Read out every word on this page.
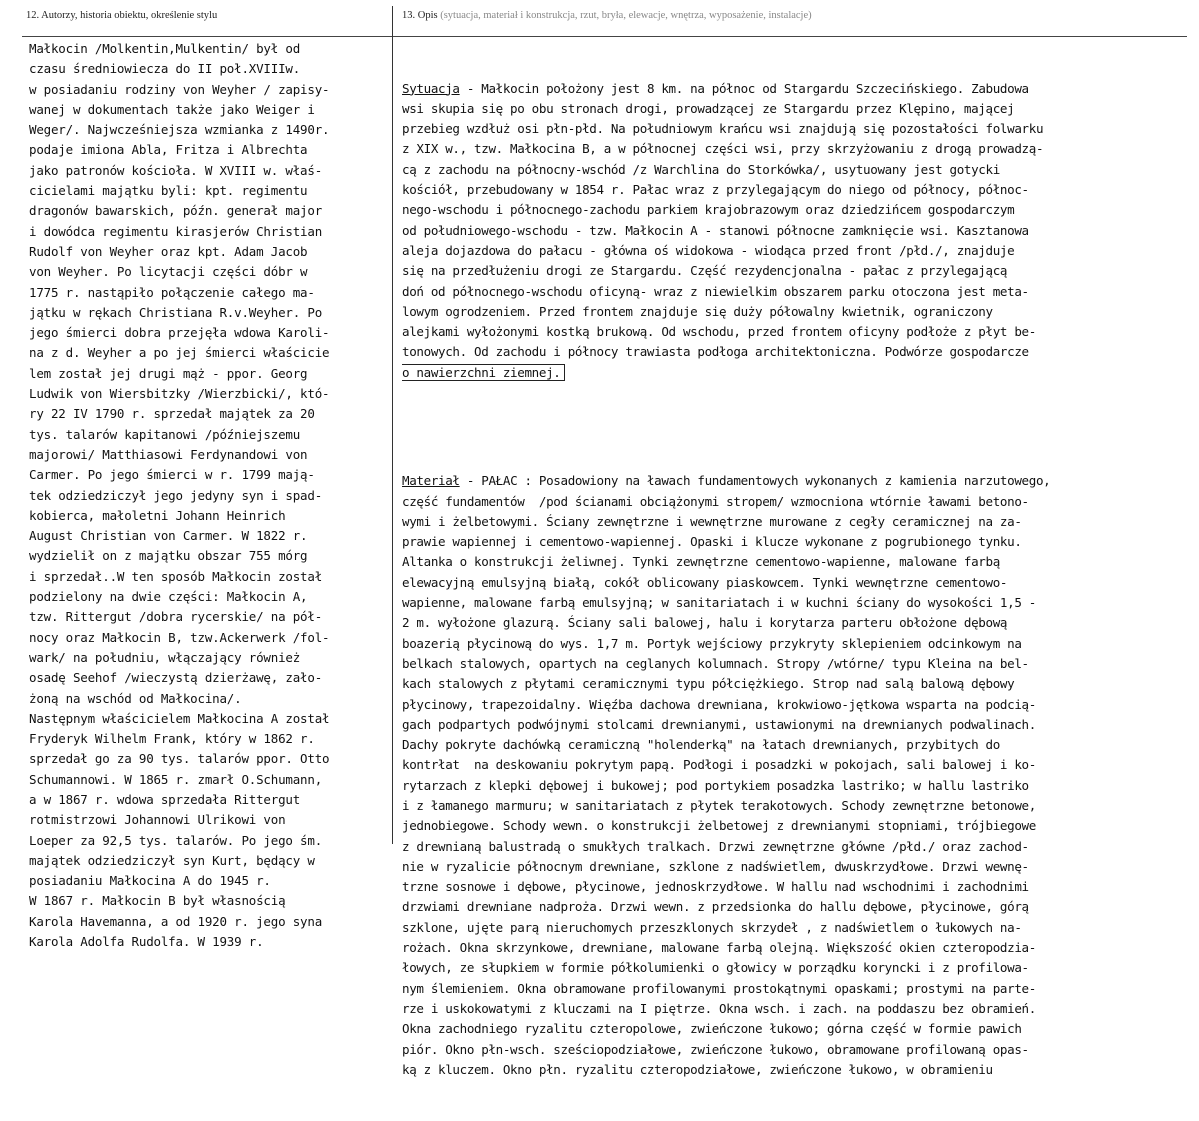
12. Autorzy, historia obiektu, określenie stylu	13. Opis (sytuacja, materiał i konstrukcja, rzut, bryła, elewacje, wnętrza, wyposażenie, instalacje)
Małkocin /Molkentin,Mulkentin/ był od
czasu średniowiecza do II poł.XVIIIw.
w posiadaniu rodziny von Weyher / zapisy-
wanej w dokumentach także jako Weiger i
Weger/. Najwcześniejsza wzmianka z 1490r.
podaje imiona Abla, Fritza i Albrechta
jako patronów kościoła. W XVIII w. właś-
cicielami majątku byli: kpt. regimentu
dragonów bawarskich, późn. generał major
i dowódca regimentu kirasjerów Christian
Rudolf von Weyher oraz kpt. Adam Jacob
von Weyher. Po licytacji części dóbr w
1775 r. nastąpiło połączenie całego ma-
jątku w rękach Christiana R.v.Weyher. Po
jego śmierci dobra przejęła wdowa Karoli-
na z d. Weyher a po jej śmierci właścicie
lem został jej drugi mąż - ppor. Georg
Ludwik von Wiersbitzky /Wierzbicki/, któ-
ry 22 IV 1790 r. sprzedał majątek za 20
tys. talarów kapitanowi /późniejszemu
majorowi/ Matthiasowi Ferdynandowi von
Carmer. Po jego śmierci w r. 1799 mają-
tek odziedziczył jego jedyny syn i spad-
kobierca, małoletni Johann Heinrich
August Christian von Carmer. W 1822 r.
wydzielił on z majątku obszar 755 mórg
i sprzedał..W ten sposób Małkocin został
podzielony na dwie części: Małkocin A,
tzw. Rittergut /dobra rycerskie/ na pół-
nocy oraz Małkocin B, tzw.Ackerwerk /fol-
wark/ na południu, włączający również
osadę Seehof /wieczystą dzierżawę, zało-
żoną na wschód od Małkocina/.
Następnym właścicielem Małkocina A został
Fryderyk Wilhelm Frank, który w 1862 r.
sprzedał go za 90 tys. talarów ppor. Otto
Schumannowi. W 1865 r. zmarł O.Schumann,
a w 1867 r. wdowa sprzedała Rittergut
rotmistrzowi Johannowi Ulrikowi von
Loeper za 92,5 tys. talarów. Po jego śm.
majątek odziedziczył syn Kurt, będący w
posiadaniu Małkocina A do 1945 r.
W 1867 r. Małkocin B był własnością
Karola Havemanna, a od 1920 r. jego syna
Karola Adolfa Rudolfa. W 1939 r.

Sytuacja - Małkocin położony jest 8 km. na północ od Stargardu Szczecińskiego. Zabudowa
wsi skupia się po obu stronach drogi, prowadzącej ze Stargardu przez Klępino, mającej
przebieg wzdłuż osi płn-płd. Na południowym krańcu wsi znajdują się pozostałości folwarku
z XIX w., tzw. Małkocina B, a w północnej części wsi, przy skrzyżowaniu z drogą prowadzą-
cą z zachodu na północny-wschód /z Warchlina do Storkówka/, usytuowany jest gotycki
kościół, przebudowany w 1854 r. Pałac wraz z przylegającym do niego od północy, północ-
nego-wschodu i północnego-zachodu parkiem krajobrazowym oraz dziedzińcem gospodarczym
od południowego-wschodu - tzw. Małkocin A - stanowi północne zamknięcie wsi. Kasztanowa
aleja dojazdowa do pałacu - główna oś widokowa - wiodąca przed front /płd./, znajduje
się na przedłużeniu drogi ze Stargardu. Część rezydencjonalna - pałac z przylegającą
doń od północnego-wschodu oficyną- wraz z niewielkim obszarem parku otoczona jest meta-
lowym ogrodzeniem. Przed frontem znajduje się duży półowalny kwietnik, ograniczony
alejkami wyłożonymi kostką brukową. Od wschodu, przed frontem oficyny podłoże z płyt be-
tonowych. Od zachodu i północy trawiasta podłoga architektoniczna. Podwórze gospodarcze
o nawierzchni ziemnej.

Materiał - PAŁAC : Posadowiony na ławach fundamentowych wykonanych z kamienia narzutowego,
część fundamentów  /pod ścianami obciążonymi stropem/ wzmocniona wtórnie ławami betono-
wymi i żelbetowymi. Ściany zewnętrzne i wewnętrzne murowane z cegły ceramicznej na za-
prawie wapiennej i cementowo-wapiennej. Opaski i klucze wykonane z pogrubionego tynku.
Altanka o konstrukcji żeliwnej. Tynki zewnętrzne cementowo-wapienne, malowane farbą
elewacyjną emulsyjną białą, cokół oblicowany piaskowcem. Tynki wewnętrzne cementowo-
wapienne, malowane farbą emulsyjną; w sanitariatach i w kuchni ściany do wysokości 1,5 -
2 m. wyłożone glazurą. Ściany sali balowej, halu i korytarza parteru obłożone dębową
boazerią płycinową do wys. 1,7 m. Portyk wejściowy przykryty sklepieniem odcinkowym na
belkach stalowych, opartych na ceglanych kolumnach. Stropy /wtórne/ typu Kleina na bel-
kach stalowych z płytami ceramicznymi typu półciężkiego. Strop nad salą balową dębowy
płycinowy, trapezoidalny. Więźba dachowa drewniana, krokwiowo-jętkowa wsparta na podcią-
gach podpartych podwójnymi stolcami drewnianymi, ustawionymi na drewnianych podwalinach.
Dachy pokryte dachówką ceramiczną "holenderką" na łatach drewnianych, przybitych do
kontrłat  na deskowaniu pokrytym papą. Podłogi i posadzki w pokojach, sali balowej i ko-
rytarzach z klepki dębowej i bukowej; pod portykiem posadzka lastriko; w hallu lastriko
i z łamanego marmuru; w sanitariatach z płytek terakotowych. Schody zewnętrzne betonowe,
jednobiegowe. Schody wewn. o konstrukcji żelbetowej z drewnianymi stopniami, trójbiegowe
z drewnianą balustradą o smukłych tralkach. Drzwi zewnętrzne główne /płd./ oraz zachod-
nie w ryzalicie północnym drewniane, szklone z nadświetlem, dwuskrzydłowe. Drzwi wewnę-
trzne sosnowe i dębowe, płycinowe, jednoskrzydłowe. W hallu nad wschodnimi i zachodnimi
drzwiami drewniane nadproża. Drzwi wewn. z przedsionka do hallu dębowe, płycinowe, górą
szklone, ujęte parą nieruchomych przeszklonych skrzydeł , z nadświetlem o łukowych na-
rożach. Okna skrzynkowe, drewniane, malowane farbą olejną. Większość okien czteropodzia-
łowych, ze słupkiem w formie półkolumienki o głowicy w porządku koryncki i z profilowa-
nym ślemieniem. Okna obramowane profilowanymi prostokątnymi opaskami; prostymi na parte-
rze i uskokowatymi z kluczami na I piętrze. Okna wsch. i zach. na poddaszu bez obramień.
Okna zachodniego ryzalitu czteropolowe, zwieńczone łukowo; górna część w formie pawich
piór. Okno płn-wsch. sześciopodziałowe, zwieńczone łukowo, obramowane profilowaną opas-
ką z kluczem. Okno płn. ryzalitu czteropodziałowe, zwieńczone łukowo, w obramieniu
